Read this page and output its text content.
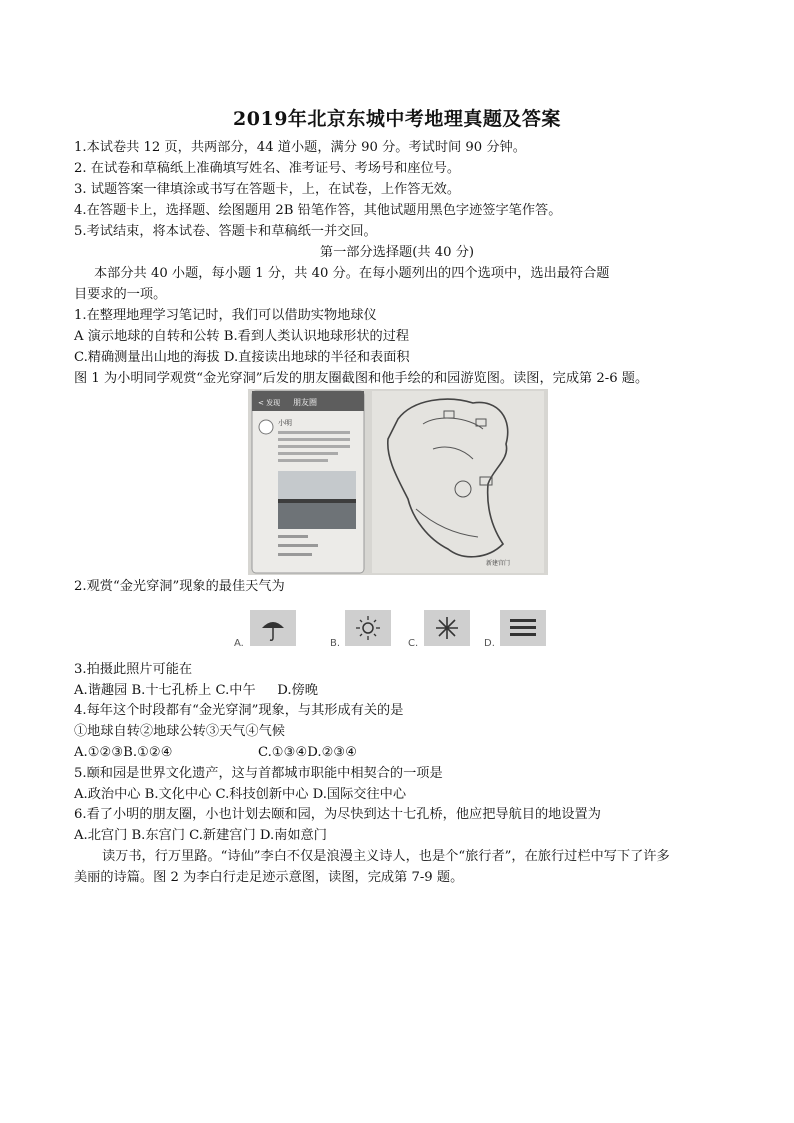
2019年北京东城中考地理真题及答案
1.本试卷共 12 页，共两部分，44 道小题，满分 90 分。考试时间 90 分钟。
2. 在试卷和草稿纸上准确填写姓名、准考证号、考场号和座位号。
3. 试题答案一律填涂或书写在答题卡，上，在试卷，上作答无效。
4.在答题卡上，选择题、绘图题用 2B 铅笔作答，其他试题用黑色字迹签字笔作答。
5.考试结束，将本试卷、答题卡和草稿纸一并交回。
第一部分选择题(共 40 分)
本部分共 40 小题，每小题 1 分，共 40 分。在每小题列出的四个选项中，选出最符合题
目要求的一项。
1.在整理地理学习笔记时，我们可以借助实物地球仪
A 演示地球的自转和公转 B.看到人类认识地球形状的过程
C.精确测量出山地的海拔 D.直接读出地球的半径和表面积
图 1 为小明同学观赏“金光穿洞”后发的朋友圈截图和他手绘的和园游览图。读图，完成第 2-6 题。
< 发现 朋友圈
小明
新建宫门
2.观赏“金光穿洞”现象的最佳天气为
A.	B.	C.	D.
3.拍摄此照片可能在
A.谐趣园 B.十七孔桥上 C.中午 　 D.傍晚
4.每年这个时段都有“金光穿洞”现象，与其形成有关的是
①地球自转②地球公转③天气④气候
A.①②③B.①②④	C.①③④D.②③④
5.颐和园是世界文化遗产，这与首都城市职能中相契合的一项是
A.政治中心 B.文化中心 C.科技创新中心 D.国际交往中心
6.看了小明的朋友圈，小也计划去颐和园，为尽快到达十七孔桥，他应把导航目的地设置为
A.北宫门 B.东宫门 C.新建宫门 D.南如意门
读万书，行万里路。“诗仙”李白不仅是浪漫主义诗人，也是个“旅行者”，在旅行过栏中写下了许多
美丽的诗篇。图 2 为李白行走足迹示意图，读图，完成第 7-9 题。
